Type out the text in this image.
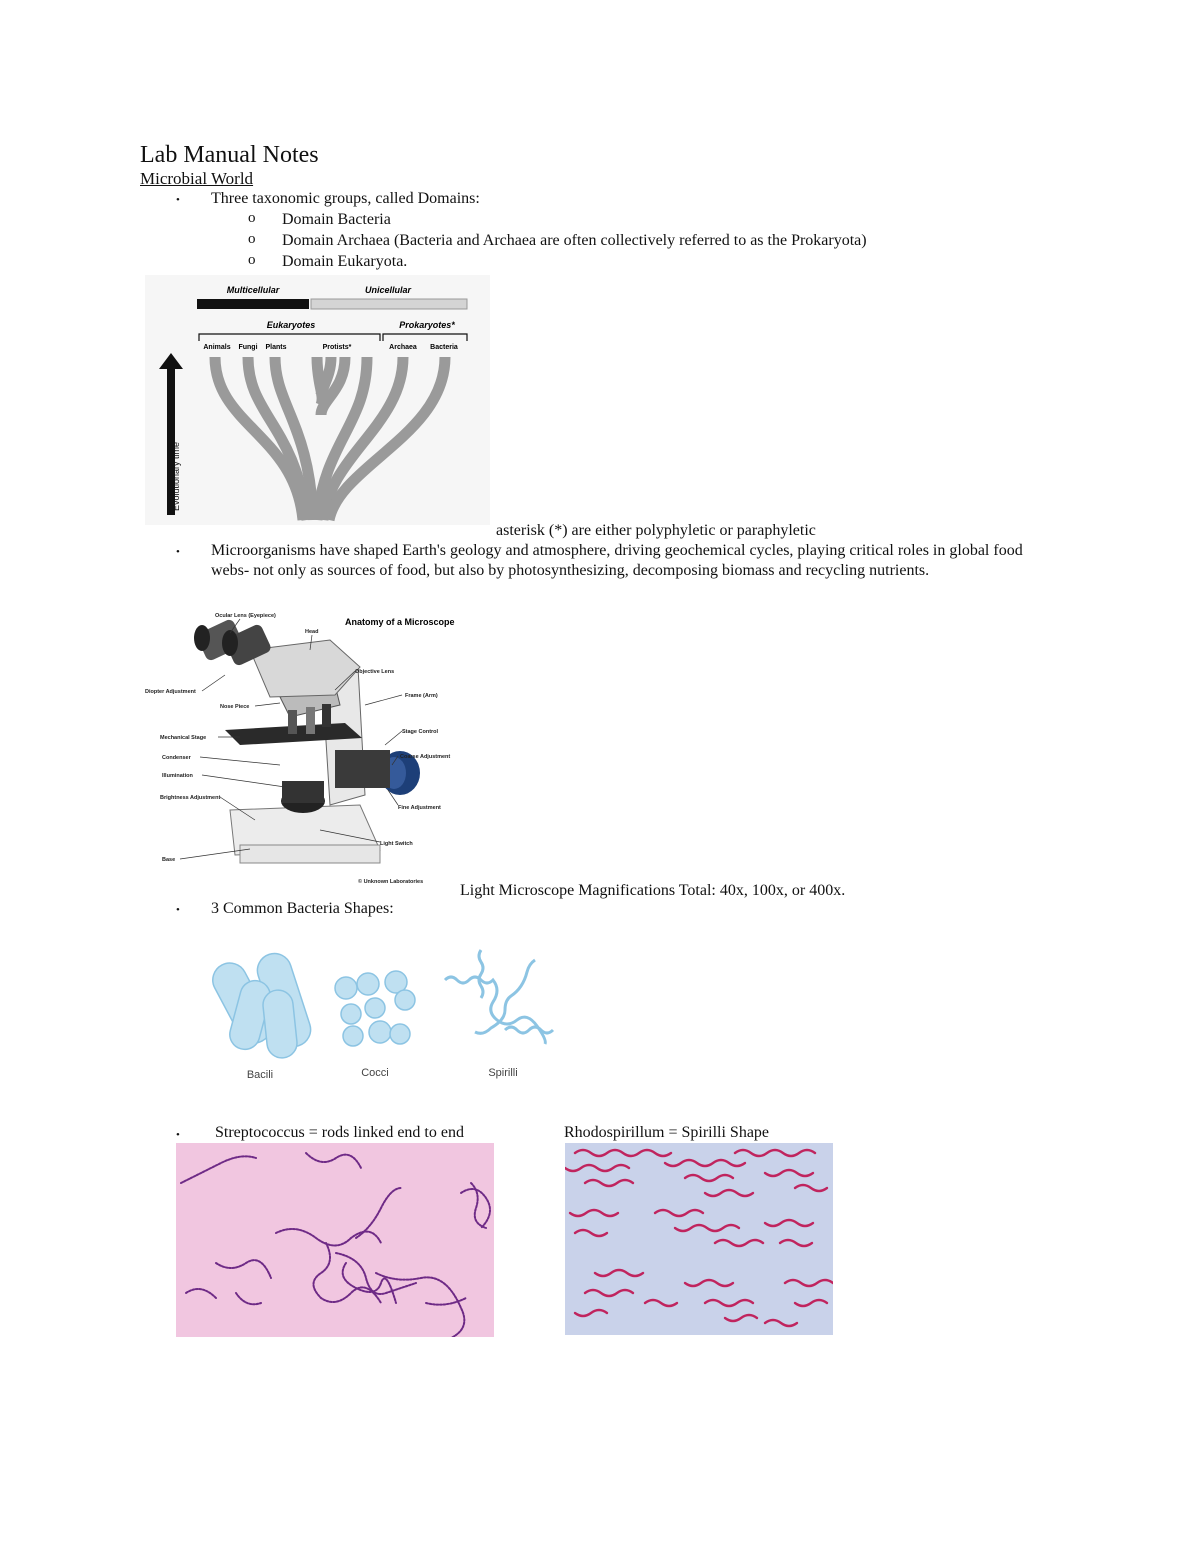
Lab Manual Notes
Microbial World
• Three taxonomic groups, called Domains:
o Domain Bacteria
o Domain Archaea (Bacteria and Archaea are often collectively referred to as the Prokaryota)
o Domain Eukaryota.
Multicellular	Unicellular
Eukaryotes	Prokaryotes*
Animals Fungi Plants	Protists*	Archaea Bacteria
Evolutionary time
asterisk (*) are either polyphyletic or paraphyletic
• Microorganisms have shaped Earth's geology and atmosphere, driving geochemical cycles, playing critical roles in global food webs- not only as sources of food, but also by photosynthesizing, decomposing biomass and recycling nutrients.
Anatomy of a Microscope
Ocular Lens (Eyepiece)
Head
Diopter Adjustment
Objective Lens
Nose Piece
Frame (Arm)
Stage Control
Mechanical Stage
Coarse Adjustment
Condenser
Illumination
Brightness Adjustment
Fine Adjustment
Light Switch
Base
© Unknown Laboratories Light Microscope Magnifications Total: 40x, 100x, or 400x.
• 3 Common Bacteria Shapes:
Bacili	Cocci	Spirilli
• Streptococcus = rods linked end to end	Rhodospirillum = Spirilli Shape
